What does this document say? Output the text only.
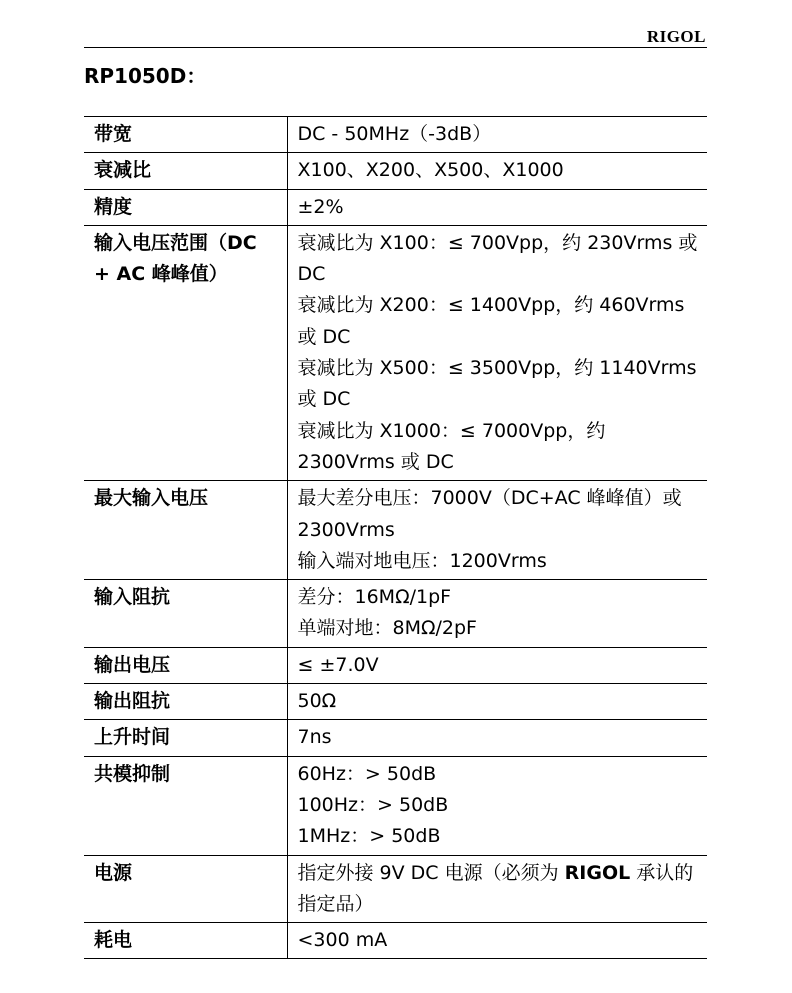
RIGOL
RP1050D：
带宽	DC - 50MHz（-3dB）

衰减比	X100、X200、X500、X1000

精度	±2%

输入电压范围（DC + AC 峰峰值）	衰减比为 X100：≤ 700Vpp，约 230Vrms 或 DC
衰减比为 X200：≤ 1400Vpp，约 460Vrms 或 DC
衰减比为 X500：≤ 3500Vpp，约 1140Vrms 或 DC
衰减比为 X1000：≤ 7000Vpp，约 2300Vrms 或 DC

最大输入电压	最大差分电压：7000V（DC+AC 峰峰值）或 2300Vrms
输入端对地电压：1200Vrms

输入阻抗	差分：16MΩ/1pF
单端对地：8MΩ/2pF

输出电压	≤ ±7.0V

输出阻抗	50Ω

上升时间	7ns

共模抑制	60Hz：> 50dB
100Hz：> 50dB
1MHz：> 50dB

电源	指定外接 9V DC 电源（必须为 RIGOL 承认的指定品）
耗电	<300 mA
